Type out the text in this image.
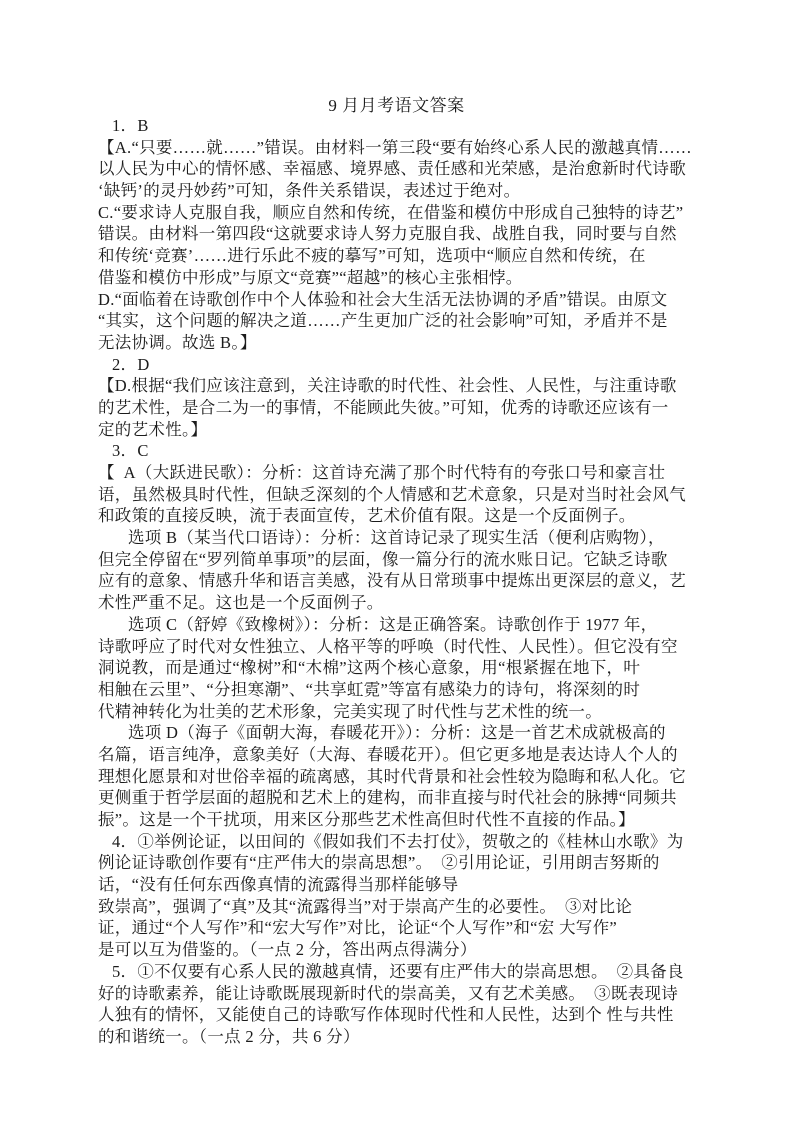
9 月月考语文答案
1．B
【A.“只要……就……”错误。由材料一第三段“要有始终心系人民的激越真情……
以人民为中心的情怀感、幸福感、境界感、责任感和光荣感，是治愈新时代诗歌
‘缺钙’的灵丹妙药”可知，条件关系错误，表述过于绝对。
C.“要求诗人克服自我，顺应自然和传统，在借鉴和模仿中形成自己独特的诗艺”
错误。由材料一第四段“这就要求诗人努力克服自我、战胜自我，同时要与自然
和传统‘竞赛’……进行乐此不疲的摹写”可知，选项中“顺应自然和传统，在
借鉴和模仿中形成”与原文“竞赛”“超越”的核心主张相悖。
D.“面临着在诗歌创作中个人体验和社会大生活无法协调的矛盾”错误。由原文
“其实，这个问题的解决之道……产生更加广泛的社会影响”可知，矛盾并不是
无法协调。故选 B。】
2．D
【D.根据“我们应该注意到，关注诗歌的时代性、社会性、人民性，与注重诗歌
的艺术性，是合二为一的事情，不能顾此失彼。”可知，优秀的诗歌还应该有一
定的艺术性。】
3．C
【  A（大跃进民歌）：分析：这首诗充满了那个时代特有的夸张口号和豪言壮
语，虽然极具时代性，但缺乏深刻的个人情感和艺术意象，只是对当时社会风气
和政策的直接反映，流于表面宣传，艺术价值有限。这是一个反面例子。
选项 B（某当代口语诗）：分析：这首诗记录了现实生活（便利店购物），
但完全停留在“罗列简单事项”的层面，像一篇分行的流水账日记。它缺乏诗歌
应有的意象、情感升华和语言美感，没有从日常琐事中提炼出更深层的意义，艺
术性严重不足。这也是一个反面例子。
选项 C（舒婷《致橡树》）：分析：这是正确答案。诗歌创作于 1977 年，
诗歌呼应了时代对女性独立、人格平等的呼唤（时代性、人民性）。但它没有空
洞说教，而是通过“橡树”和“木棉”这两个核心意象，用“根紧握在地下，叶
相触在云里”、“分担寒潮”、“共享虹霓”等富有感染力的诗句，将深刻的时
代精神转化为壮美的艺术形象，完美实现了时代性与艺术性的统一。
选项 D（海子《面朝大海，春暖花开》）：分析：这是一首艺术成就极高的
名篇，语言纯净，意象美好（大海、春暖花开）。但它更多地是表达诗人个人的
理想化愿景和对世俗幸福的疏离感，其时代背景和社会性较为隐晦和私人化。它
更侧重于哲学层面的超脱和艺术上的建构，而非直接与时代社会的脉搏“同频共
振”。这是一个干扰项，用来区分那些艺术性高但时代性不直接的作品。】
4．①举例论证，以田间的《假如我们不去打仗》，贺敬之的《桂林山水歌》为
例论证诗歌创作要有“庄严伟大的崇高思想”。  ②引用论证，引用朗吉努斯的
话，“没有任何东西像真情的流露得当那样能够导
致崇高”，强调了“真”及其“流露得当”对于崇高产生的必要性。  ③对比论
证，通过“个人写作”和“宏大写作”对比，论证“个人写作”和“宏 大写作”
是可以互为借鉴的。（一点 2 分，答出两点得满分）
5．①不仅要有心系人民的激越真情，还要有庄严伟大的崇高思想。  ②具备良
好的诗歌素养，能让诗歌既展现新时代的崇高美，又有艺术美感。  ③既表现诗
人独有的情怀，又能使自己的诗歌写作体现时代性和人民性，达到个 性与共性
的和谐统一。（一点 2 分，共 6 分）
